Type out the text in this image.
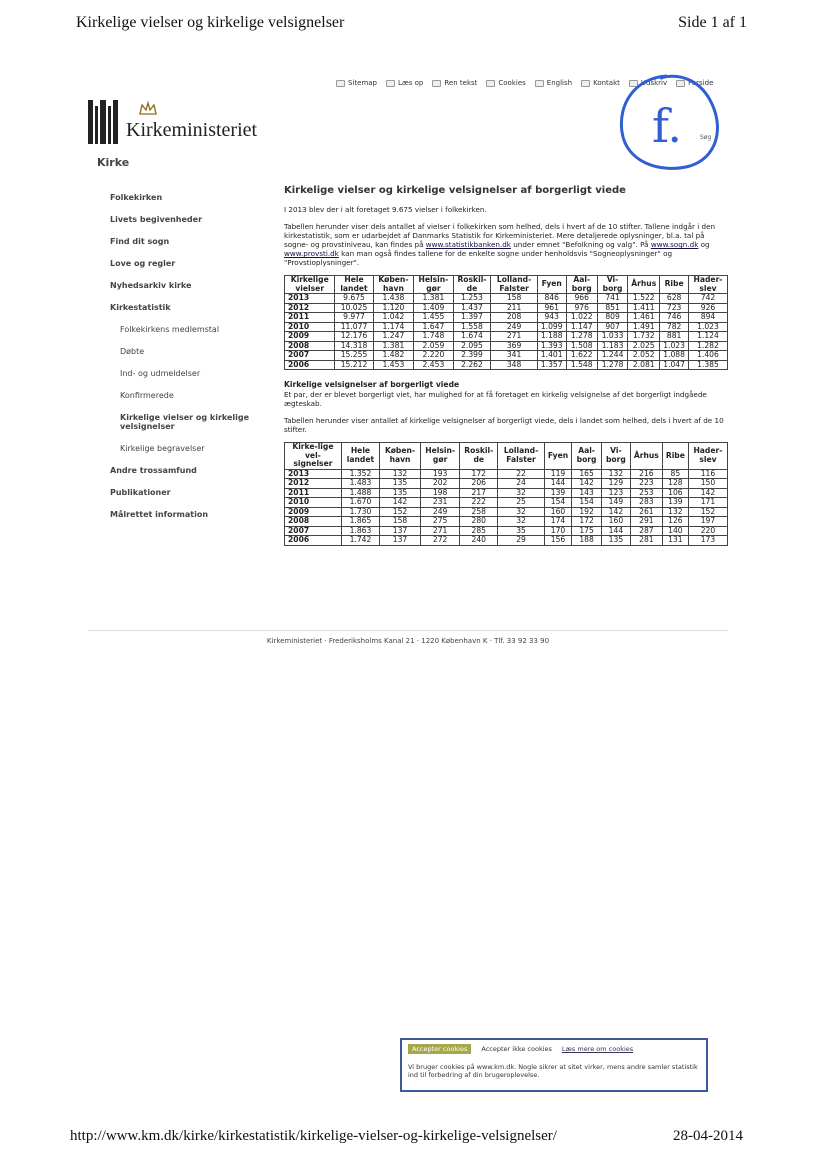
Kirkelige vielser og kirkelige velsignelser	Side 1 af 1
Sitemap	Læs op	Ren tekst	Cookies	English	Kontakt	Udskriv	Forside
f.
Kirkeministeriet
Kirke
Søg
Folkekirken
Livets begivenheder
Find dit sogn
Love og regler
Nyhedsarkiv kirke
Kirkestatistik
Folkekirkens medlemstal
Døbte
Ind- og udmeldelser
Konfirmerede
Kirkelige vielser og kirkelige velsignelser
Kirkelige begravelser
Andre trossamfund
Publikationer
Målrettet information
Kirkelige vielser og kirkelige velsignelser af borgerligt viede

I 2013 blev der i alt foretaget 9.675 vielser i folkekirken.

Tabellen herunder viser dels antallet af vielser i folkekirken som helhed, dels i hvert af de 10 stifter. Tallene indgår i den kirkestatistik, som er udarbejdet af Danmarks Statistik for Kirkeministeriet. Mere detaljerede oplysninger, bl.a. tal på sogne- og provstiniveau, kan findes på www.statistikbanken.dk under emnet "Befolkning og valg". På www.sogn.dk og www.provsti.dk kan man også findes tallene for de enkelte sogne under henholdsvis "Sogneoplysninger" og "Provstioplysninger".

Kirkelige vielser	Hele landet	Køben-havn	Helsin-gør	Roskil-de	Lolland-Falster	Fyen	Aal-borg	Vi-borg	Århus	Ribe	Hader-slev
2013	9.675	1.438	1.381	1.253	158	846	966	741	1.522	628	742
2012	10.025	1.120	1.409	1.437	211	961	976	851	1.411	723	926
2011	9.977	1.042	1.455	1.397	208	943	1.022	809	1.461	746	894
2010	11.077	1.174	1.647	1.558	249	1.099	1.147	907	1.491	782	1.023
2009	12.176	1.247	1.748	1.674	271	1.188	1.278	1.033	1.732	881	1.124
2008	14.318	1.381	2.059	2.095	369	1.393	1.508	1.183	2.025	1.023	1.282
2007	15.255	1.482	2.220	2.399	341	1.401	1.622	1.244	2.052	1.088	1.406
2006	15.212	1.453	2.453	2.262	348	1.357	1.548	1.278	2.081	1.047	1.385
Kirkelige velsignelser af borgerligt viede

Et par, der er blevet borgerligt viet, har mulighed for at få foretaget en kirkelig velsignelse af det borgerligt indgåede ægteskab.

Tabellen herunder viser antallet af kirkelige velsignelser af borgerligt viede, dels i landet som helhed, dels i hvert af de 10 stifter.

Kirke-lige vel-signelser	Hele landet	Køben-havn	Helsin-gør	Roskil-de	Lolland-Falster	Fyen	Aal-borg	Vi-borg	Århus	Ribe	Hader-slev
2013	1.352	132	193	172	22	119	165	132	216	85	116
2012	1.483	135	202	206	24	144	142	129	223	128	150
2011	1.488	135	198	217	32	139	143	123	253	106	142
2010	1.670	142	231	222	25	154	154	149	283	139	171
2009	1.730	152	249	258	32	160	192	142	261	132	152
2008	1.865	158	275	280	32	174	172	160	291	126	197
2007	1.863	137	271	285	35	170	175	144	287	140	220
2006	1.742	137	272	240	29	156	188	135	281	131	173
Kirkeministeriet · Frederiksholms Kanal 21 · 1220 København K · Tlf. 33 92 33 90
Accepter cookies	Accepter ikke cookies Læs mere om cookies
Vi bruger cookies på www.km.dk. Nogle sikrer at sitet virker, mens andre samler statistik ind til forbedring af din brugeroplevelse.
http://www.km.dk/kirke/kirkestatistik/kirkelige-vielser-og-kirkelige-velsignelser/	28-04-2014
